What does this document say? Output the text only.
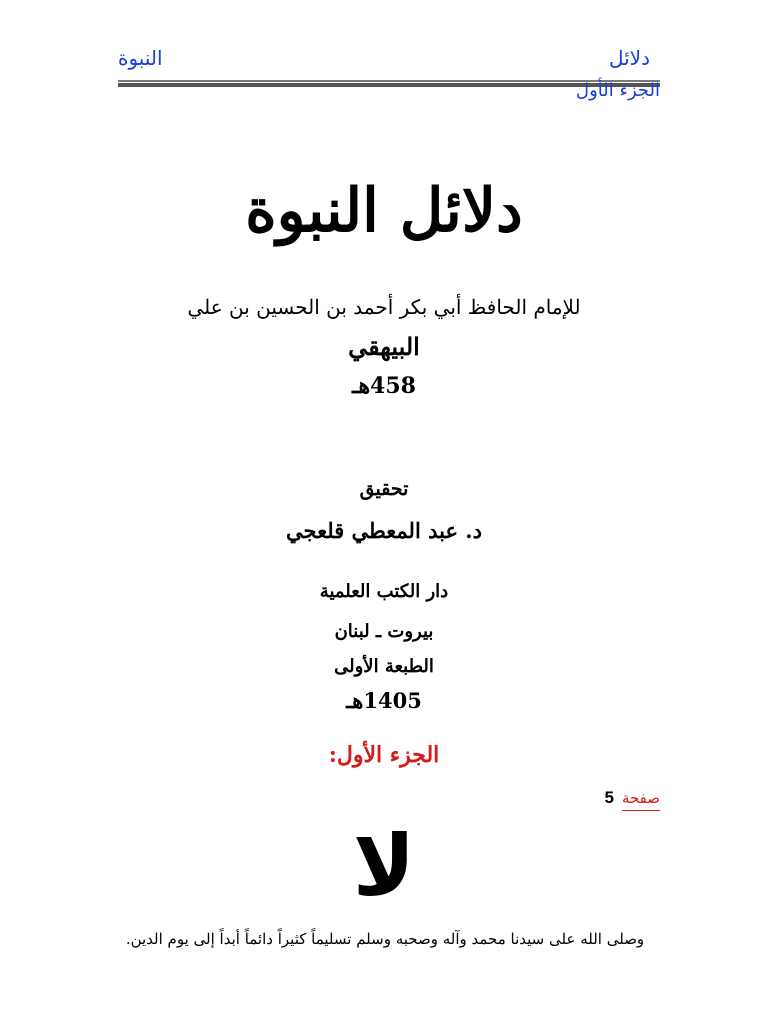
دلائل
النبوة
الجزء الأول
دلائل النبوة
للإمام الحافظ أبي بكر أحمد بن الحسين بن علي
البيهقي
458هـ
تحقيق
د. عبد المعطي قلعجي
دار الكتب العلمية
بيروت ـ لبنان
الطبعة الأولى
1405هـ
الجزء الأول:
صفحة
5
لا
وصلى الله على سيدنا محمد وآله وصحبه وسلم تسليماً كثيراً دائماً أبداً إلى يوم الدين.
